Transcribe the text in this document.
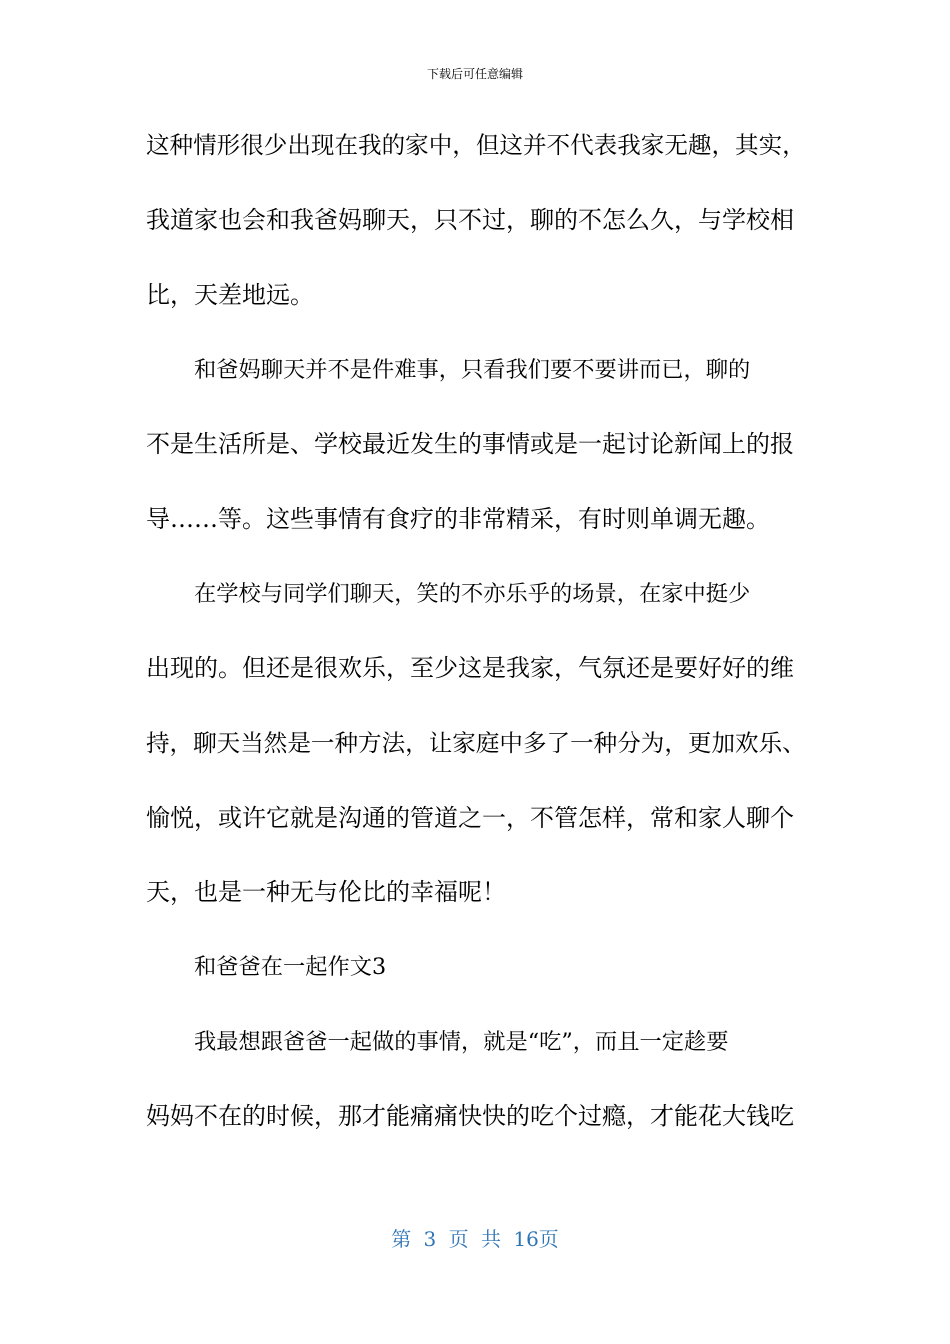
下载后可任意编辑
这种情形很少出现在我的家中，但这并不代表我家无趣，其实，
我道家也会和我爸妈聊天，只不过，聊的不怎么久，与学校相
比，天差地远。
和爸妈聊天并不是件难事，只看我们要不要讲而已，聊的
不是生活所是、学校最近发生的事情或是一起讨论新闻上的报
导……等。这些事情有食疗的非常精采，有时则单调无趣。
在学校与同学们聊天，笑的不亦乐乎的场景，在家中挺少
出现的。但还是很欢乐，至少这是我家，气氛还是要好好的维
持，聊天当然是一种方法，让家庭中多了一种分为，更加欢乐、
愉悦，或许它就是沟通的管道之一，不管怎样，常和家人聊个
天，也是一种无与伦比的幸福呢！
和爸爸在一起作文3
我最想跟爸爸一起做的事情，就是“吃”，而且一定趁要
妈妈不在的时候，那才能痛痛快快的吃个过瘾，才能花大钱吃
第 3 页 共 16页
